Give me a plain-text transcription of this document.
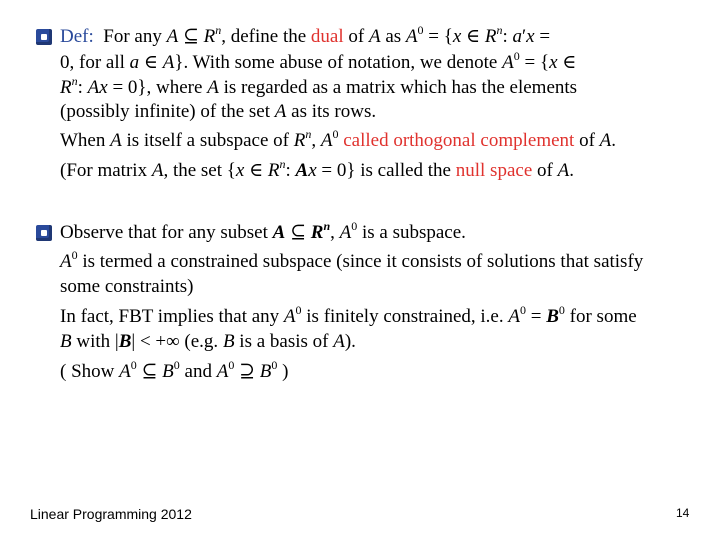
Def: For any A ⊆ $R^n$, define the dual of A as $A^0 = \{x$ ∈ $R^n$: a′x =
0, for all a ∈ A}. With some abuse of notation, we denote $A^0 = \{x$ ∈
$R^n$: Ax = 0}, where A is regarded as a matrix which has the elements
(possibly infinite) of the set A as its rows.
When A is itself a subspace of $R^n$, $A^0$ called orthogonal complement of A.
(For matrix A, the set {x ∈ $R^n$: Ax = 0} is called the null space of A.
Observe that for any subset A ⊆ $R^n$, $A^0$ is a subspace.
$A^0$ is termed a constrained subspace (since it consists of solutions that satisfy
some constraints)
In fact, FBT implies that any $A^0$ is finitely constrained, i.e. $A^0 = B^0$ for some
B with |B| < +∞ (e.g. B is a basis of A).
( Show $A^0$ ⊆ $B^0$ and $A^0$ ⊇ $B^0$ )
Linear Programming 2012	14
